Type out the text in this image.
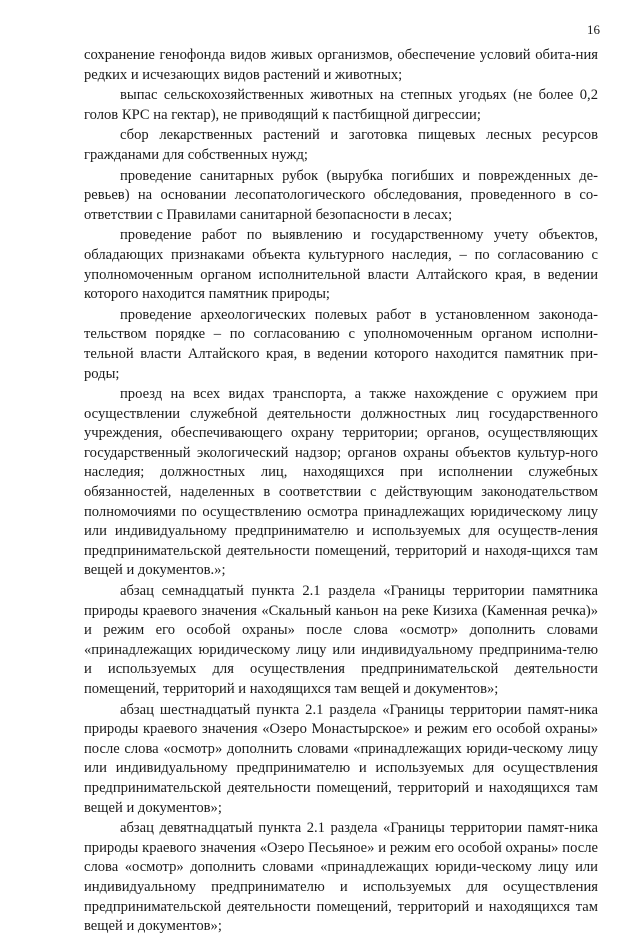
16

сохранение генофонда видов живых организмов, обеспечение условий обита-ния редких и исчезающих видов растений и животных;

выпас сельскохозяйственных животных на степных угодьях (не более 0,2 голов КРС на гектар), не приводящий к пастбищной дигрессии;

сбор лекарственных растений и заготовка пищевых лесных ресурсов гражданами для собственных нужд;

проведение санитарных рубок (вырубка погибших и поврежденных де-ревьев) на основании лесопатологического обследования, проведенного в со-ответствии с Правилами санитарной безопасности в лесах;

проведение работ по выявлению и государственному учету объектов, обладающих признаками объекта культурного наследия, – по согласованию с уполномоченным органом исполнительной власти Алтайского края, в ведении которого находится памятник природы;

проведение археологических полевых работ в установленном законода-тельством порядке – по согласованию с уполномоченным органом исполни-тельной власти Алтайского края, в ведении которого находится памятник при-роды;

проезд на всех видах транспорта, а также нахождение с оружием при осуществлении служебной деятельности должностных лиц государственного учреждения, обеспечивающего охрану территории; органов, осуществляющих государственный экологический надзор; органов охраны объектов культур-ного наследия; должностных лиц, находящихся при исполнении служебных обязанностей, наделенных в соответствии с действующим законодательством полномочиями по осуществлению осмотра принадлежащих юридическому лицу или индивидуальному предпринимателю и используемых для осуществ-ления предпринимательской деятельности помещений, территорий и находя-щихся там вещей и документов.»;

абзац семнадцатый пункта 2.1 раздела «Границы территории памятника природы краевого значения «Скальный каньон на реке Кизиха (Каменная речка)» и режим его особой охраны» после слова «осмотр» дополнить словами «принадлежащих юридическому лицу или индивидуальному предпринима-телю и используемых для осуществления предпринимательской деятельности помещений, территорий и находящихся там вещей и документов»;

абзац шестнадцатый пункта 2.1 раздела «Границы территории памят-ника природы краевого значения «Озеро Монастырское» и режим его особой охраны» после слова «осмотр» дополнить словами «принадлежащих юриди-ческому лицу или индивидуальному предпринимателю и используемых для осуществления предпринимательской деятельности помещений, территорий и находящихся там вещей и документов»;

абзац девятнадцатый пункта 2.1 раздела «Границы территории памят-ника природы краевого значения «Озеро Песьяное» и режим его особой охраны» после слова «осмотр» дополнить словами «принадлежащих юриди-ческому лицу или индивидуальному предпринимателю и используемых для осуществления предпринимательской деятельности помещений, территорий и находящихся там вещей и документов»;
